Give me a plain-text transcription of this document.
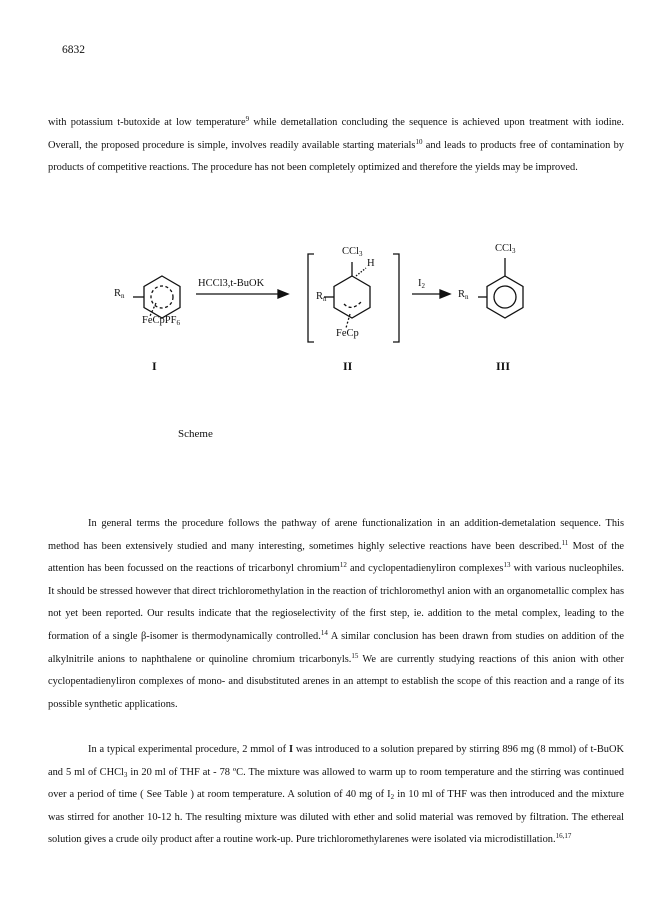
6832

with potassium t-butoxide at low temperature$^9$ while demetallation concluding the sequence is achieved upon treatment with iodine. Overall, the proposed procedure is simple, involves readily available starting materials$^{10}$ and leads to products free of contamination by products of competitive reactions. The procedure has not been completely optimized and therefore the yields may be improved.

$R_n$
FeCpPF$_6$
I
HCCl3,t-BuOK
CCl$_3$
H
$R_n$
FeCp
II
$I_2$
CCl$_3$
$R_n$
III
Scheme

In general terms the procedure follows the pathway of arene functionalization in an addition-demetalation sequence. This method has been extensively studied and many interesting, sometimes highly selective reactions have been described.$^{11}$ Most of the attention has been focussed on the reactions of tricarbonyl chromium$^{12}$ and cyclopentadienyliron complexes$^{13}$ with various nucleophiles. It should be stressed however that direct trichloromethylation in the reaction of trichloromethyl anion with an organometallic complex has not yet been reported. Our results indicate that the regioselectivity of the first step, ie. addition to the metal complex, leading to the formation of a single β-isomer is thermodynamically controlled.$^{14}$ A similar conclusion has been drawn from studies on addition of the alkylnitrile anions to naphthalene or quinoline chromium tricarbonyls.$^{15}$ We are currently studying reactions of this anion with other cyclopentadienyliron complexes of mono- and disubstituted arenes in an attempt to establish the scope of this reaction and a range of its possible synthetic applications.

In a typical experimental procedure, 2 mmol of I was introduced to a solution prepared by stirring 896 mg (8 mmol) of t-BuOK and 5 ml of CHCl$_3$ in 20 ml of THF at - 78 ºC. The mixture was allowed to warm up to room temperature and the stirring was continued over a period of time ( See Table ) at room temperature. A solution of 40 mg of $I_2$ in 10 ml of THF was then introduced and the mixture was stirred for another 10-12 h. The resulting mixture was diluted with ether and solid material was removed by filtration. The ethereal solution gives a crude oily product after a routine work-up. Pure trichloromethylarenes were isolated via microdistillation.$^{16,17}$
